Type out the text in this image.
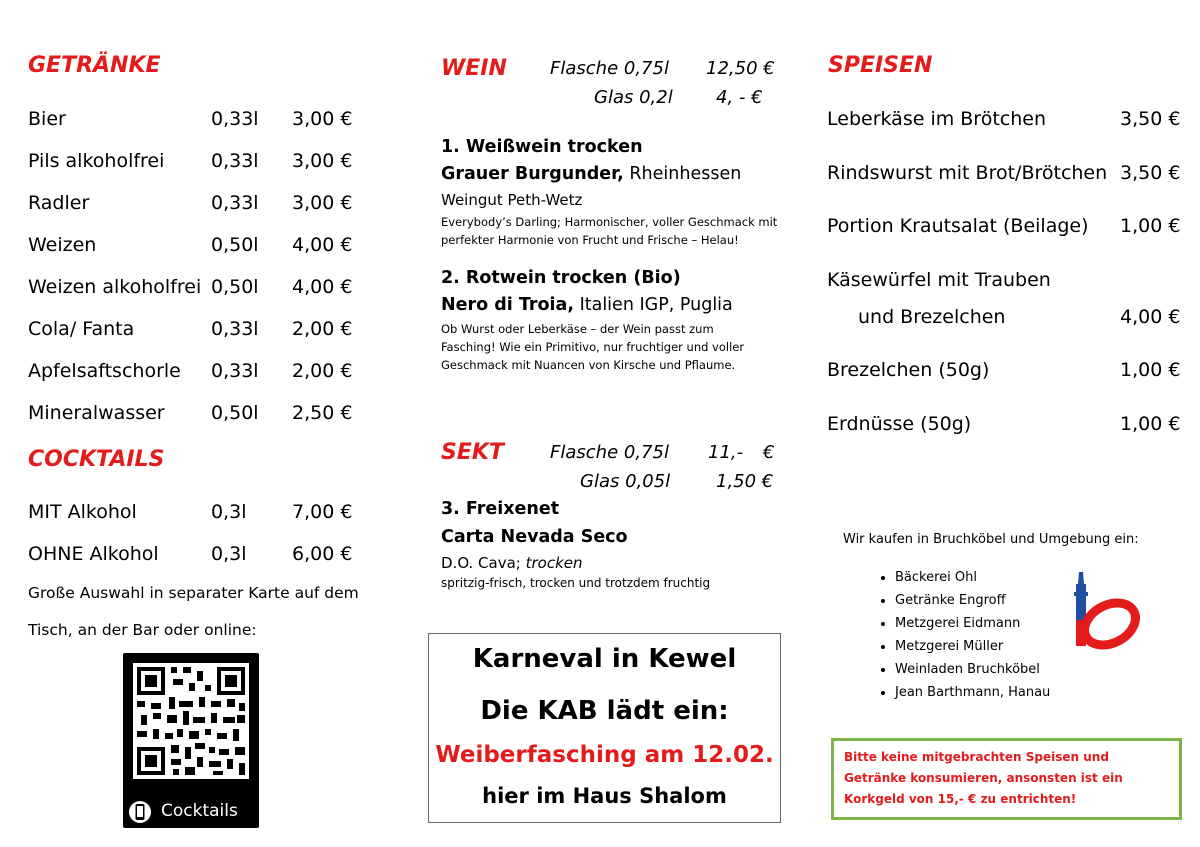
GETRÄNKE
Bier	0,33l 3,00 €
Pils alkoholfrei 0,33l 3,00 €
Radler	0,33l 3,00 €
Weizen	0,50l 4,00 €
Weizen alkoholfrei 0,50l 4,00 €
Cola/ Fanta	0,33l 2,00 €
Apfelsaftschorle 0,33l 2,00 €
Mineralwasser 0,50l 2,50 €
COCKTAILS
MIT Alkohol	0,3l 7,00 €
OHNE Alkohol	0,3l 6,00 €
Große Auswahl in separater Karte auf dem
Tisch, an der Bar oder online:
Cocktails
WEIN Flasche 0,75l 12,50 €
Glas 0,2l 4, - €
1. Weißwein trocken
Grauer Burgunder, Rheinhessen
Weingut Peth-Wetz
Everybody’s Darling; Harmonischer, voller Geschmack mit perfekter Harmonie von Frucht und Frische – Helau!
2. Rotwein trocken (Bio)
Nero di Troia, Italien IGP, Puglia
Ob Wurst oder Leberkäse – der Wein passt zum Fasching! Wie ein Primitivo, nur fruchtiger und voller Geschmack mit Nuancen von Kirsche und Pflaume.
SEKT	Flasche 0,75l 11,- €
Glas 0,05l	1,50 €
3. Freixenet
Carta Nevada Seco
D.O. Cava; trocken
spritzig-frisch, trocken und trotzdem fruchtig
Karneval in Kewel
Die KAB lädt ein:
Weiberfasching am 12.02.
hier im Haus Shalom
SPEISEN
Leberkäse im Brötchen	3,50 €
Rindswurst mit Brot/Brötchen 3,50 €
Portion Krautsalat (Beilage) 1,00 €
Käsewürfel mit Trauben
und Brezelchen	4,00 €
Brezelchen (50g)	1,00 €
Erdnüsse (50g)	1,00 €
Wir kaufen in Bruchköbel und Umgebung ein:
• Bäckerei Ohl
• Getränke Engroff
• Metzgerei Eidmann
• Metzgerei Müller
• Weinladen Bruchköbel
• Jean Barthmann, Hanau
Bitte keine mitgebrachten Speisen und Getränke konsumieren, ansonsten ist ein Korkgeld von 15,- € zu entrichten!
